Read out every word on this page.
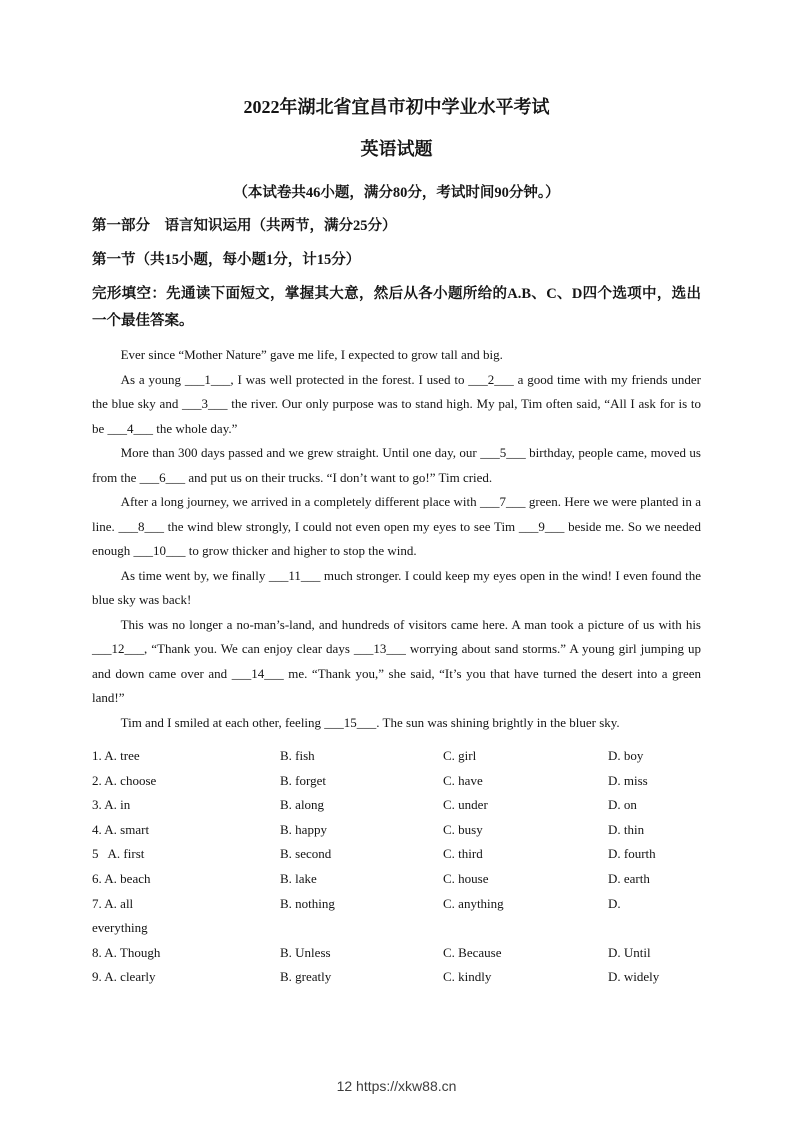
2022年湖北省宜昌市初中学业水平考试
英语试题
（本试卷共46小题，满分80分，考试时间90分钟。）
第一部分　语言知识运用（共两节，满分25分）
第一节（共15小题，每小题1分，计15分）
完形填空：先通读下面短文，掌握其大意，然后从各小题所给的A.B、C、D四个选项中，选出一个最佳答案。

Ever since “Mother Nature” gave me life, I expected to grow tall and big.

As a young ___1___, I was well protected in the forest. I used to ___2___ a good time with my friends under the blue sky and ___3___ the river. Our only purpose was to stand high. My pal, Tim often said, “All I ask for is to be ___4___ the whole day.”

More than 300 days passed and we grew straight. Until one day, our ___5___ birthday, people came, moved us from the ___6___ and put us on their trucks. “I don’t want to go!” Tim cried.

After a long journey, we arrived in a completely different place with ___7___ green. Here we were planted in a line. ___8___ the wind blew strongly, I could not even open my eyes to see Tim ___9___ beside me. So we needed enough ___10___ to grow thicker and higher to stop the wind.

As time went by, we finally ___11___ much stronger. I could keep my eyes open in the wind! I even found the blue sky was back!

This was no longer a no-man’s-land, and hundreds of visitors came here. A man took a picture of us with his ___12___, “Thank you. We can enjoy clear days ___13___ worrying about sand storms.” A young girl jumping up and down came over and ___14___ me. “Thank you,” she said, “It’s you that have turned the desert into a green land!”

Tim and I smiled at each other, feeling ___15___. The sun was shining brightly in the bluer sky.

1. A. tree	B. fish	C. girl	D. boy
2. A. choose	B. forget	C. have	D. miss
3. A. in	B. along	C. under	D. on
4. A. smart	B. happy	C. busy	D. thin
5   A. first	B. second	C. third	D. fourth
6. A. beach	B. lake	C. house	D. earth
7. A. all	B. nothing	C. anything	D.
everything
8. A. Though	B. Unless	C. Because	D. Until
9. A. clearly	B. greatly	C. kindly	D. widely
12 https://xkw88.cn
